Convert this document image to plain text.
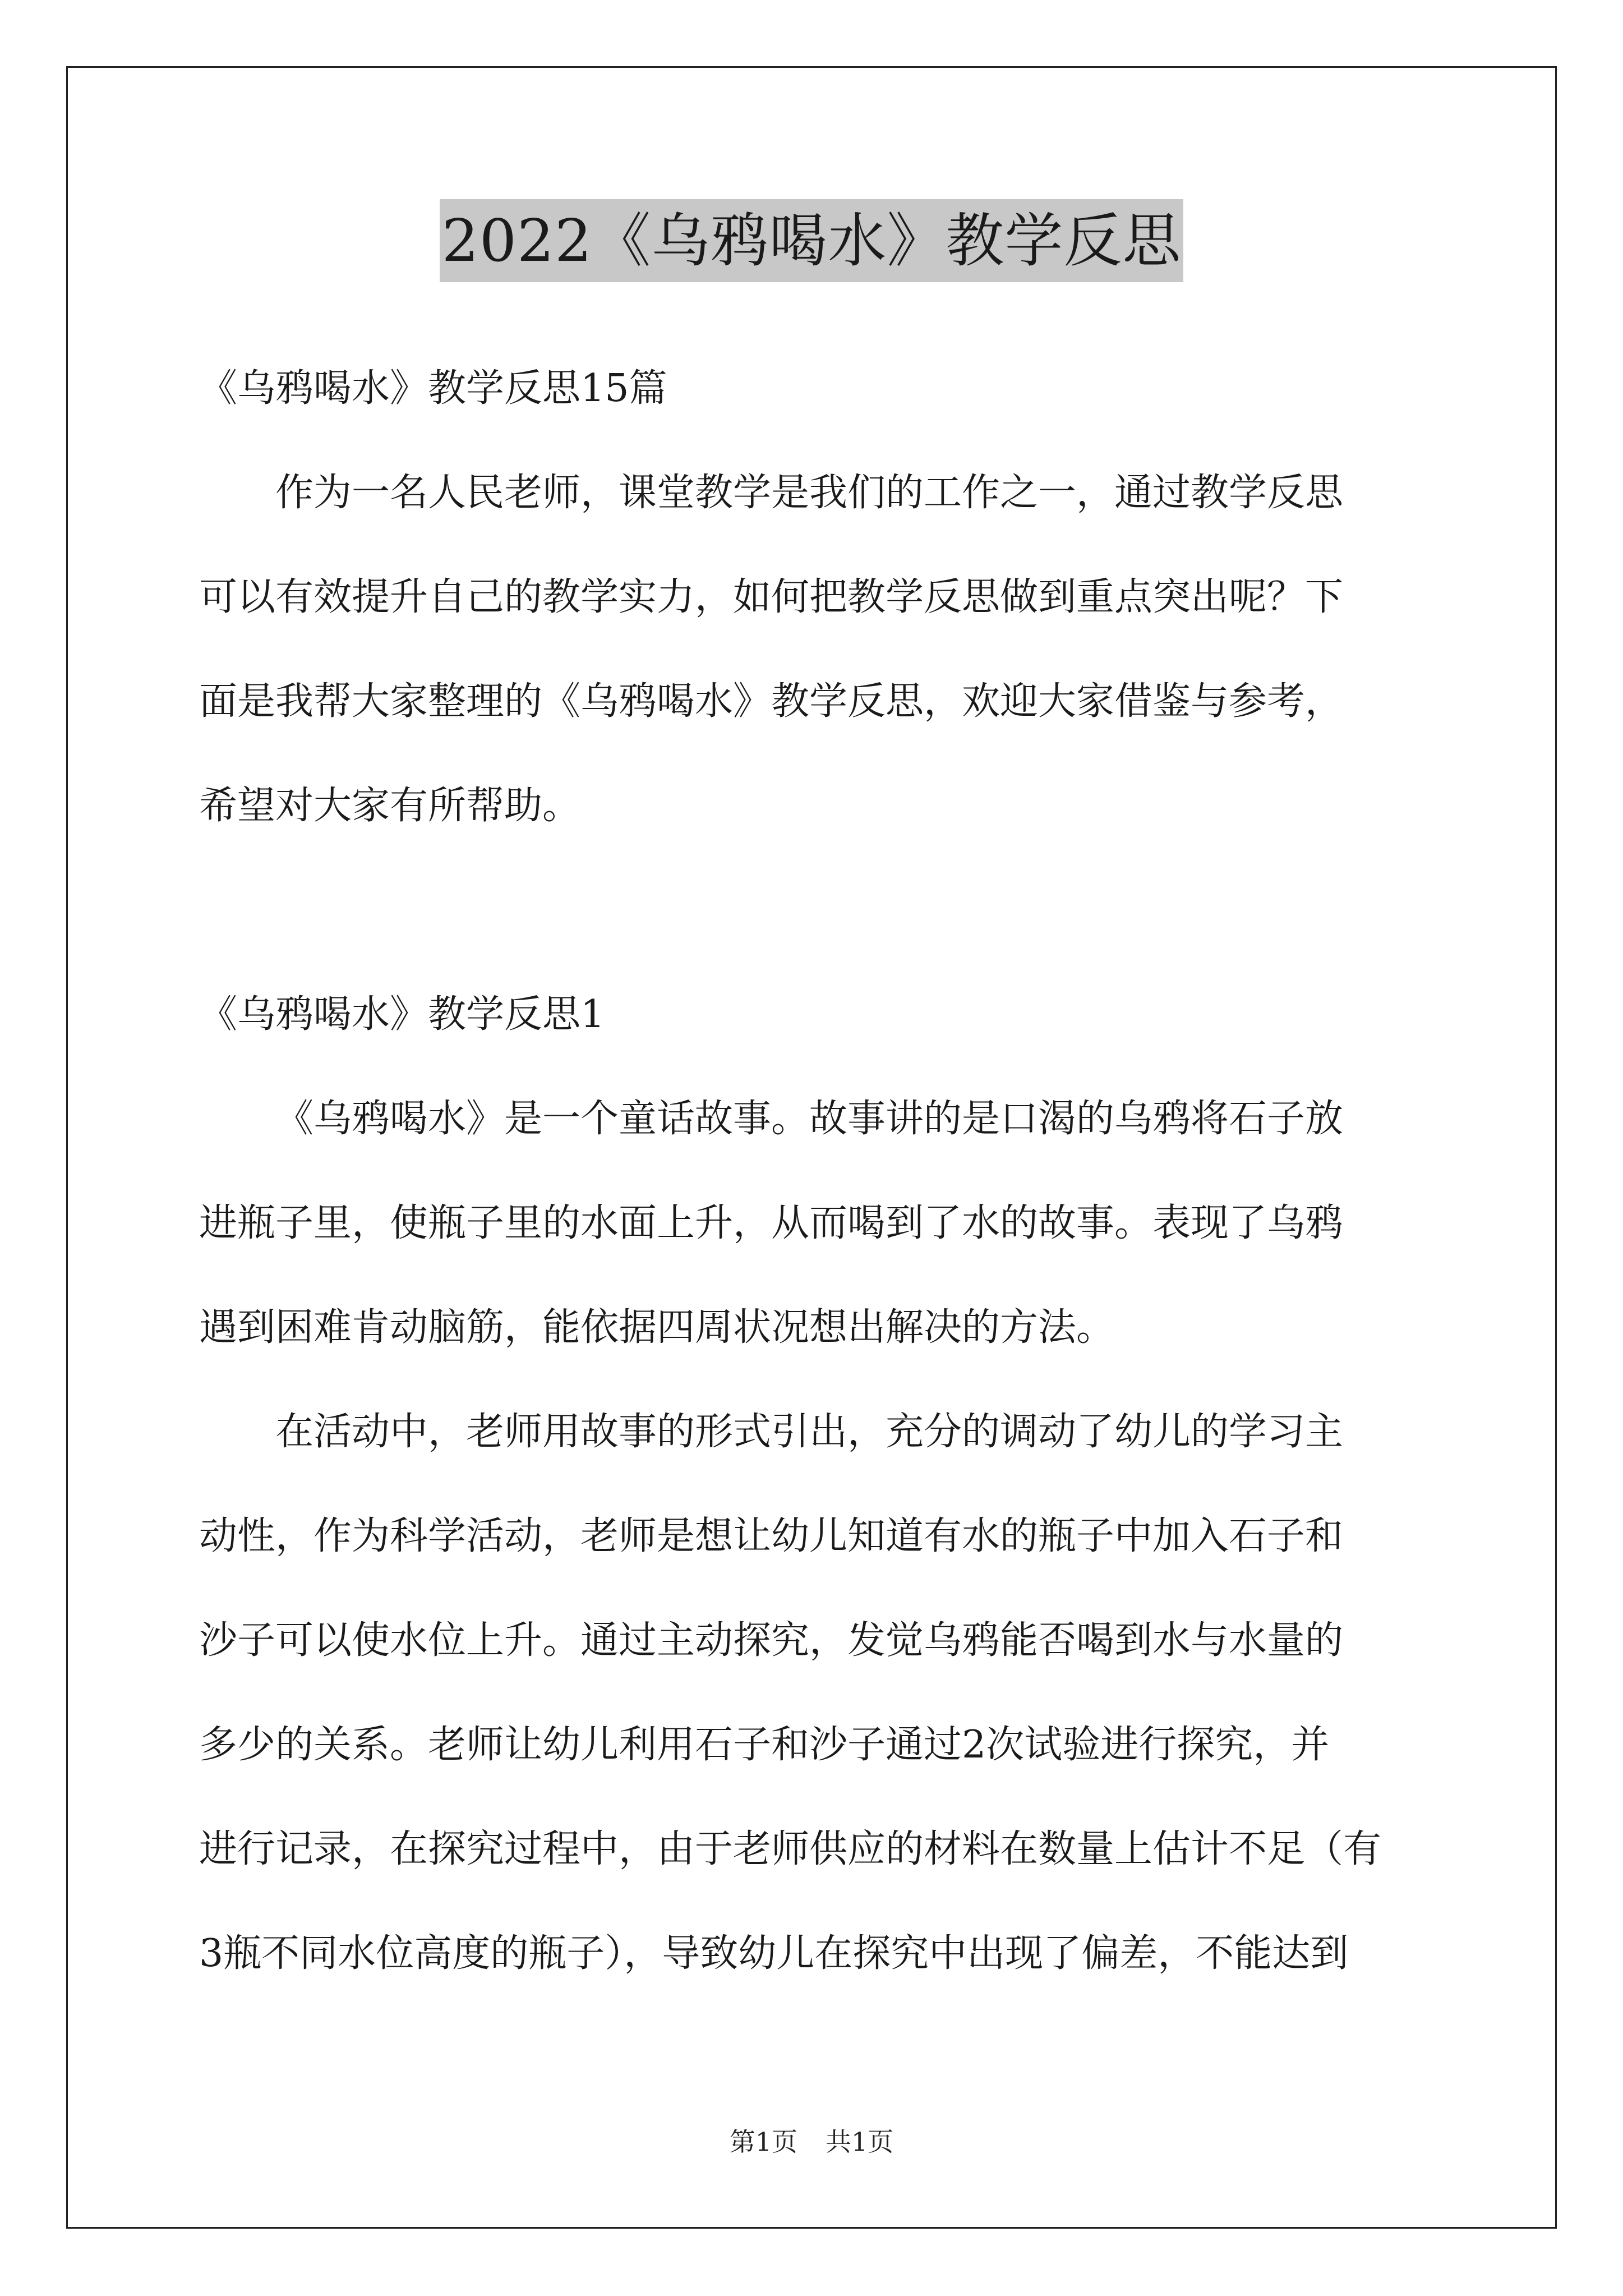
2022《乌鸦喝水》教学反思
《乌鸦喝水》教学反思15篇
作为一名人民老师，课堂教学是我们的工作之一，通过教学反思
可以有效提升自己的教学实力，如何把教学反思做到重点突出呢？下
面是我帮大家整理的《乌鸦喝水》教学反思，欢迎大家借鉴与参考，
希望对大家有所帮助。
《乌鸦喝水》教学反思1
《乌鸦喝水》是一个童话故事。故事讲的是口渴的乌鸦将石子放
进瓶子里，使瓶子里的水面上升，从而喝到了水的故事。表现了乌鸦
遇到困难肯动脑筋，能依据四周状况想出解决的方法。
在活动中，老师用故事的形式引出，充分的调动了幼儿的学习主
动性，作为科学活动，老师是想让幼儿知道有水的瓶子中加入石子和
沙子可以使水位上升。通过主动探究，发觉乌鸦能否喝到水与水量的
多少的关系。老师让幼儿利用石子和沙子通过2次试验进行探究，并
进行记录，在探究过程中，由于老师供应的材料在数量上估计不足（有
3瓶不同水位高度的瓶子），导致幼儿在探究中出现了偏差，不能达到
第1页 共1页
